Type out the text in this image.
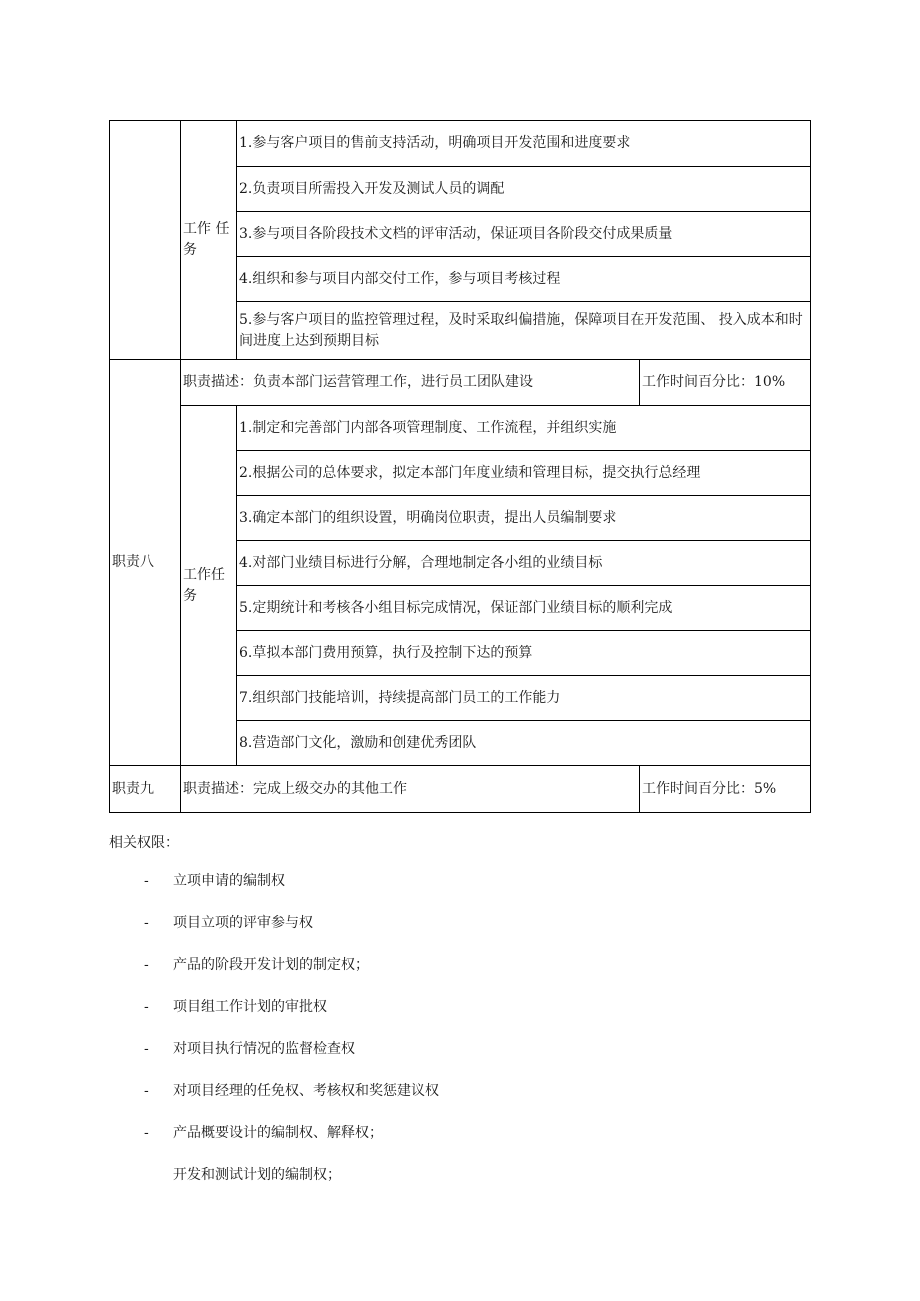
	工作 任务	1.参与客户项目的售前支持活动，明确项目开发范围和进度要求	
		2.负责项目所需投入开发及测试人员的调配	
		3.参与项目各阶段技术文档的评审活动，保证项目各阶段交付成果质量	
		4.组织和参与项目内部交付工作，参与项目考核过程	
		5.参与客户项目的监控管理过程，及时采取纠偏措施，保障项目在开发范围、 投入成本和时间进度上达到预期目标	
职责八	职责描述：负责本部门运营管理工作，进行员工团队建设		工作时间百分比：10%
	工作任务	1.制定和完善部门内部各项管理制度、工作流程，并组织实施	
		2.根据公司的总体要求，拟定本部门年度业绩和管理目标，提交执行总经理	
		3.确定本部门的组织设置，明确岗位职责，提出人员编制要求	
		4.对部门业绩目标进行分解，合理地制定各小组的业绩目标	
		5.定期统计和考核各小组目标完成情况，保证部门业绩目标的顺利完成	
		6.草拟本部门费用预算，执行及控制下达的预算	
		7.组织部门技能培训，持续提高部门员工的工作能力	
		8.营造部门文化，激励和创建优秀团队	
职责九	职责描述：完成上级交办的其他工作		工作时间百分比：5%
相关权限：
-	立项申请的编制权
-	项目立项的评审参与权
-	产品的阶段开发计划的制定权；
-	项目组工作计划的审批权
-	对项目执行情况的监督检查权
-	对项目经理的任免权、考核权和奖惩建议权
-	产品概要设计的编制权、解释权；
开发和测试计划的编制权；
